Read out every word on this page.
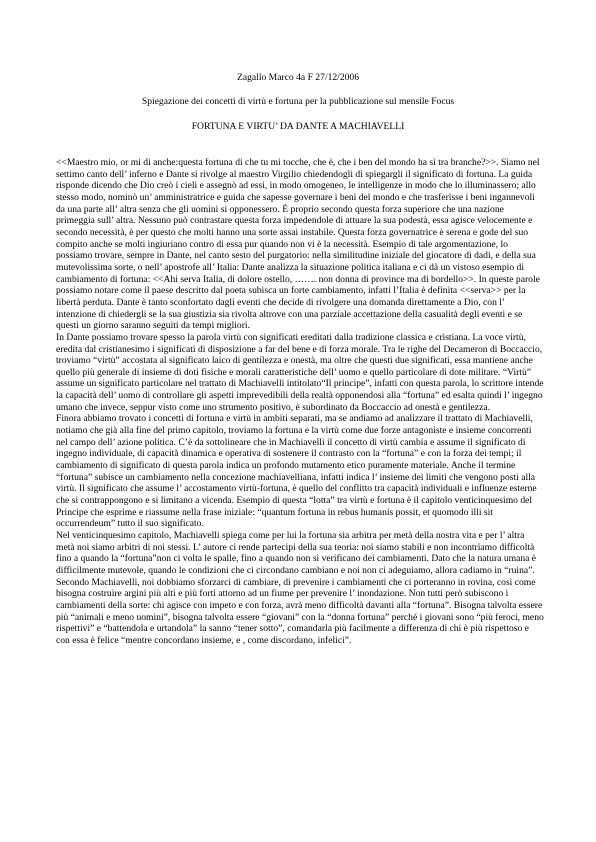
Zagallo Marco 4a F 27/12/2006
Spiegazione dei concetti di virtù e fortuna per la pubblicazione sul mensile Focus
FORTUNA E VIRTU’ DA DANTE A MACHIAVELLI

<<Maestro mio, or mi di anche:questa fortuna di che tu mi tocche, che è, che i ben del mondo ha sì tra branche?>>. Siamo nel settimo canto dell’ inferno e Dante si rivolge al maestro Virgilio chiedendogli di spiegargli il significato di fortuna. La guida risponde dicendo che Dio creò i cieli e assegnò ad essi, in modo omogeneo, le intelligenze in modo che lo illuminassero; allo stesso modo, nominò un’ amministratrice e guida che sapesse governare i beni del mondo e che trasferisse i beni ingannevoli da una parte all’ altra senza che gli uomini si opponessero. È proprio secondo questa forza superiore che una nazione primeggia sull’ altra. Nessuno può contrastare questa forza impedendole di attuare la sua podestà, essa agisce velocemente e secondo necessità, è per questo che molti hanno una sorte assai instabile. Questa forza governatrice è serena e gode del suo compito anche se molti ingiuriano contro di essa pur quando non vi è la necessità. Esempio di tale argomentazione, lo possiamo trovare, sempre in Dante, nel canto sesto del purgatorio: nella similitudine iniziale del giocatore di dadi, e della sua mutevolissima sorte, o nell’ apostrofe all’ Italia: Dante analizza la situazione politica italiana e ci dà un vistoso esempio di cambiamento di fortuna: <<Ahi serva Italia, di dolore ostello, ……. non donna di province ma di bordello>>. In queste parole possiamo notare come il paese descritto dal poeta subisca un forte cambiamento, infatti l’Italia è definita <<serva>> per la libertà perduta. Dante è tanto sconfortato dagli eventi che decide di rivolgere una domanda direttamente a Dio, con l’ intenzione di chiedergli se la sua giustizia sia rivolta altrove con una parziale accettazione della casualità degli eventi e se questi un giorno saranno seguiti da tempi migliori.

In Dante possiamo trovare spesso la parola virtù con significati ereditati dalla tradizione classica e cristiana. La voce virtù, eredita dal cristianesimo i significati di disposizione a far del bene e di forza morale. Tra le righe del Decameron di Boccaccio, troviamo “virtù” accostata al significato laico di gentilezza e onestà, ma oltre che questi due significati, essa mantiene anche quello più generale di insieme di doti fisiche e morali caratteristiche dell’ uomo e quello particolare di dote militare. “Virtù” assume un significato particolare nel trattato di Machiavelli intitolato“Il principe”, infatti con questa parola, lo scrittore intende la capacità dell’ uomo di controllare gli aspetti imprevedibili della realtà opponendosi alla “fortuna” ed esalta quindi l’ ingegno umano che invece, seppur visto come uno strumento positivo, è subordinato da Boccaccio ad onestà e gentilezza.

Finora abbiamo trovato i concetti di fortuna e virtù in ambiti separati, ma se andiamo ad analizzare il trattato di Machiavelli, notiamo che già alla fine del primo capitolo, troviamo la fortuna e la virtù come due forze antagoniste e insieme concorrenti nel campo dell’ azione politica. C’è da sottolineare che in Machiavelli il concetto di virtù cambia e assume il significato di ingegno individuale, di capacità dinamica e operativa di sostenere il contrasto con la “fortuna” e con la forza dei tempi; il cambiamento di significato di questa parola indica un profondo mutamento etico puramente materiale. Anche il termine “fortuna” subisce un cambiamento nella concezione machiavelliana, infatti indica l’ insieme dei limiti che vengono posti alla virtù. Il significato che assume l’ accostamento virtù-fortuna, è quello del conflitto tra capacità individuali e influenze esterne che si contrappongono e si limitano a vicenda. Esempio di questa “lotta” tra virtù e fortuna è il capitolo venticinquesimo del Principe che esprime e riassume nella frase iniziale: “quantum fortuna in rebus humanis possit, et quomodo illi sit occurrendeum” tutto il suo significato.

Nel venticinquesimo capitolo, Machiavelli spiega come per lui la fortuna sia arbitra per metà della nostra vita e per l’ altra metà noi siamo arbitri di noi stessi. L’ autore ci rende partecipi della sua teoria: noi siamo stabili e non incontriamo difficoltà fino a quando la “fortuna”non ci volta le spalle, fino a quando non si verificano dei cambiamenti. Dato che la natura umana è difficilmente mutevole, quando le condizioni che ci circondano cambiano e noi non ci adeguiamo, allora cadiamo in “ruina”. Secondo Machiavelli, noi dobbiamo sforzarci di cambiare, di prevenire i cambiamenti che ci porteranno in rovina, così come bisogna costruire argini più alti e più forti attorno ad un fiume per prevenire l’ inondazione. Non tutti però subiscono i cambiamenti della sorte: chi agisce con impeto e con forza, avrà meno difficoltà davanti alla “fortuna”. Bisogna talvolta essere più “animali e meno uomini”, bisogna talvolta essere “giovani” con la “donna fortuna” perché i giovani sono “più feroci, meno rispettivi” e “battendola e urtandola” la sanno “tener sotto”, comandarla più facilmente a differenza di chi è più rispettoso e con essa è felice “mentre concordano insieme, e , come discordano, infelici”.
